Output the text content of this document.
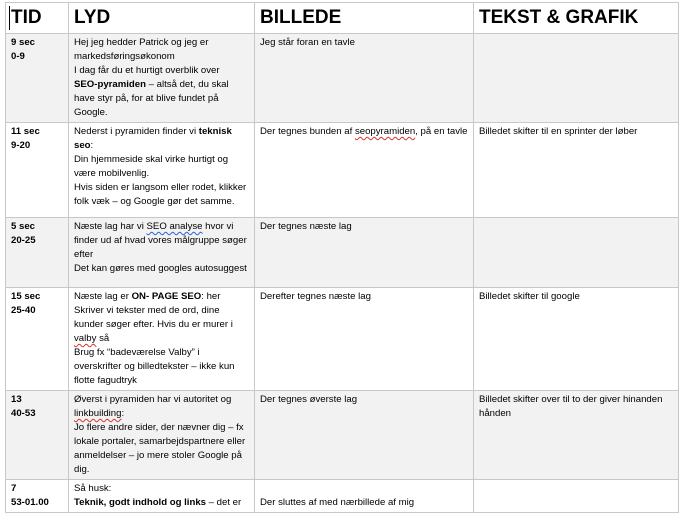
TID	LYD	BILLEDE	TEKST & GRAFIK

9 sec
0-9	Hej jeg hedder Patrick og jeg er markedsføringsøkonom
I dag får du et hurtigt overblik over
SEO-pyramiden – altså det, du skal have styr på, for at blive fundet på Google.	Jeg står foran en tavle	

11 sec
9-20	Nederst i pyramiden finder vi teknisk seo:
Din hjemmeside skal virke hurtigt og være mobilvenlig.
Hvis siden er langsom eller rodet, klikker folk væk – og Google gør det samme.	Der tegnes bunden af seopyramiden, på en tavle	Billedet skifter til en sprinter der løber

5 sec
20-25	Næste lag har vi SEO analyse hvor vi finder ud af hvad vores målgruppe søger efter
Det kan gøres med googles autosuggest	Der tegnes næste lag	

15 sec
25-40	Næste lag er ON- PAGE SEO: her Skriver vi tekster med de ord, dine kunder søger efter. Hvis du er murer i valby så
Brug fx “badeværelse Valby” i overskrifter og billedtekster – ikke kun flotte fagudtryk	Derefter tegnes næste lag	Billedet skifter til google

13
40-53	Øverst i pyramiden har vi autoritet og linkbuilding:
Jo flere andre sider, der nævner dig – fx lokale portaler, samarbejdspartnere eller anmeldelser – jo mere stoler Google på dig.	Der tegnes øverste lag	Billedet skifter over til to der giver hinanden hånden

7
53-01.00	Så husk:
Teknik, godt indhold og links – det er	Der sluttes af med nærbillede af mig	
